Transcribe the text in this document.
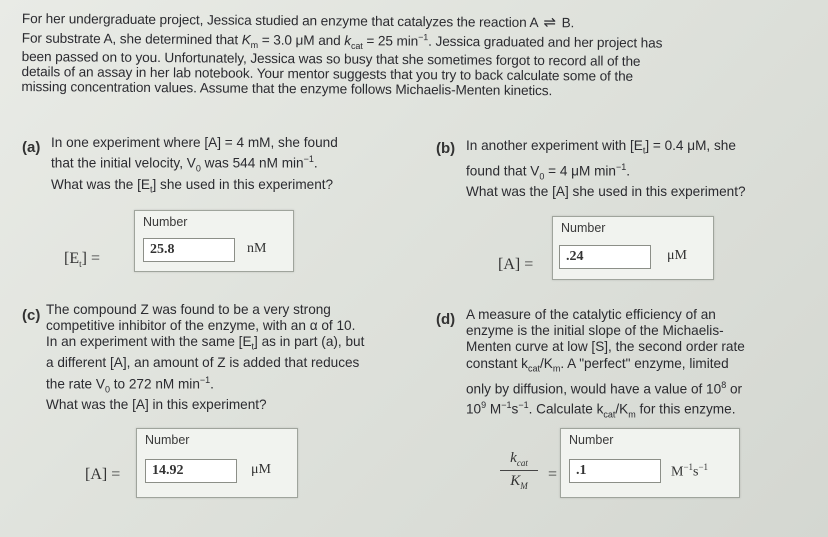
For her undergraduate project, Jessica studied an enzyme that catalyzes the reaction A ⇌ B.
For substrate A, she determined that $K_m = 3.0$ μM and $k_{cat} = 25$ $\min^{-1}$. Jessica graduated and her project has
been passed on to you. Unfortunately, Jessica was so busy that she sometimes forgot to record all of the
details of an assay in her lab notebook. Your mentor suggests that you try to back calculate some of the
missing concentration values. Assume that the enzyme follows Michaelis-Menten kinetics.
(a) In one experiment where [A] = 4 mM, she found
that the initial velocity, $V_0$ was 544 nM $\min^{-1}$.
What was the $[E_t]$ she used in this experiment?
$[E_t]$ =
Number
25.8	nM
(b) In another experiment with $[E_t] = 0.4$ μM, she
found that $V_0 = 4$ μM $\min^{-1}$.
What was the [A] she used in this experiment?
[A] =
Number
.24	μM
(c) The compound Z was found to be a very strong
competitive inhibitor of the enzyme, with an α of 10.
In an experiment with the same $[E_t]$ as in part (a), but
a different [A], an amount of Z is added that reduces
the rate $V_0$ to 272 nM $\min^{-1}$.
What was the [A] in this experiment?
[A] =
Number
14.92	μM
(d) A measure of the catalytic efficiency of an
enzyme is the initial slope of the Michaelis-
Menten curve at low [S], the second order rate
constant $k_{cat}/K_m$. A "perfect" enzyme, limited
only by diffusion, would have a value of $10^8$ or
$10^9$ $M^{-1}s^{-1}$. Calculate $k_{cat}/K_m$ for this enzyme.
$k_{cat}$
$K_M$
=
Number
.1	$M^{-1}s^{-1}$
